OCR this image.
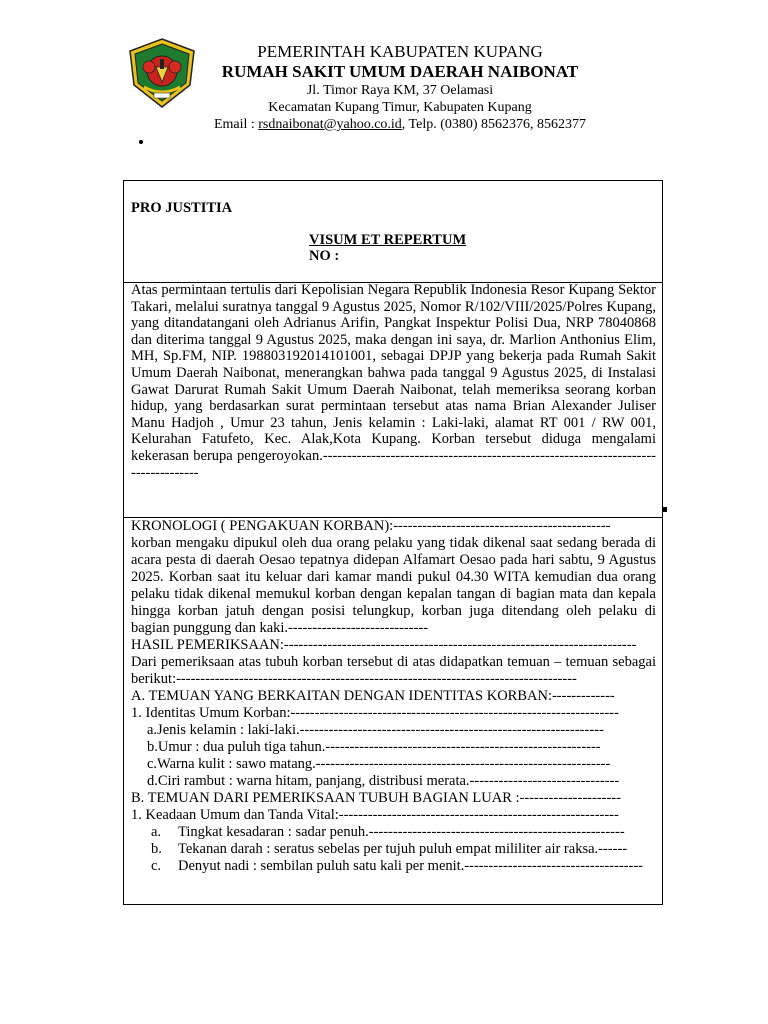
PEMERINTAH KABUPATEN KUPANG
RUMAH SAKIT UMUM DAERAH NAIBONAT
Jl. Timor Raya KM, 37 Oelamasi
Kecamatan Kupang Timur, Kabupaten Kupang
Email : rsdnaibonat@yahoo.co.id, Telp. (0380) 8562376, 8562377
PRO JUSTITIA
VISUM ET REPERTUM
NO :

Atas permintaan tertulis dari Kepolisian Negara Republik Indonesia Resor Kupang Sektor Takari, melalui suratnya tanggal 9 Agustus 2025, Nomor R/102/VIII/2025/Polres Kupang, yang ditandatangani oleh Adrianus Arifin, Pangkat Inspektur Polisi Dua, NRP 78040868 dan diterima tanggal 9 Agustus 2025, maka dengan ini saya, dr. Marlion Anthonius Elim, MH, Sp.FM, NIP. 198803192014101001, sebagai DPJP yang bekerja pada Rumah Sakit Umum Daerah Naibonat, menerangkan bahwa pada tanggal 9 Agustus 2025, di Instalasi Gawat Darurat Rumah Sakit Umum Daerah Naibonat, telah memeriksa seorang korban hidup, yang berdasarkan surat permintaan tersebut atas nama Brian Alexander Juliser Manu Hadjoh , Umur 23 tahun, Jenis kelamin : Laki-laki, alamat RT 001 / RW 001, Kelurahan Fatufeto, Kec. Alak,Kota Kupang. Korban tersebut diduga mengalami kekerasan berupa pengeroyokan.-----------------------------------------------------------------------------------

KRONOLOGI ( PENGAKUAN KORBAN):---------------------------------------------

korban mengaku dipukul oleh dua orang pelaku yang tidak dikenal saat sedang berada di acara pesta di daerah Oesao tepatnya didepan Alfamart Oesao pada hari sabtu, 9 Agustus 2025. Korban saat itu keluar dari kamar mandi pukul 04.30 WITA kemudian dua orang pelaku tidak dikenal memukul korban dengan kepalan tangan di bagian mata dan kepala hingga korban jatuh dengan posisi telungkup, korban juga ditendang oleh pelaku di bagian punggung dan kaki.-----------------------------

HASIL PEMERIKSAAN:-------------------------------------------------------------------------

Dari pemeriksaan atas tubuh korban tersebut di atas didapatkan temuan – temuan sebagai berikut:-----------------------------------------------------------------------------------

A. TEMUAN YANG BERKAITAN DENGAN IDENTITAS KORBAN:-------------
1. Identitas Umum Korban:--------------------------------------------------------------------
a.Jenis kelamin : laki-laki.---------------------------------------------------------------
b.Umur : dua puluh tiga tahun.---------------------------------------------------------
c.Warna kulit : sawo matang.-------------------------------------------------------------
d.Ciri rambut : warna hitam, panjang, distribusi merata.-------------------------------
B. TEMUAN DARI PEMERIKSAAN TUBUH BAGIAN LUAR :---------------------
1. Keadaan Umum dan Tanda Vital:----------------------------------------------------------
a.	Tingkat kesadaran : sadar penuh.-----------------------------------------------------
b.	Tekanan darah : seratus sebelas per tujuh puluh empat mililiter air raksa.------
c.	Denyut nadi : sembilan puluh satu kali per menit.-------------------------------------
